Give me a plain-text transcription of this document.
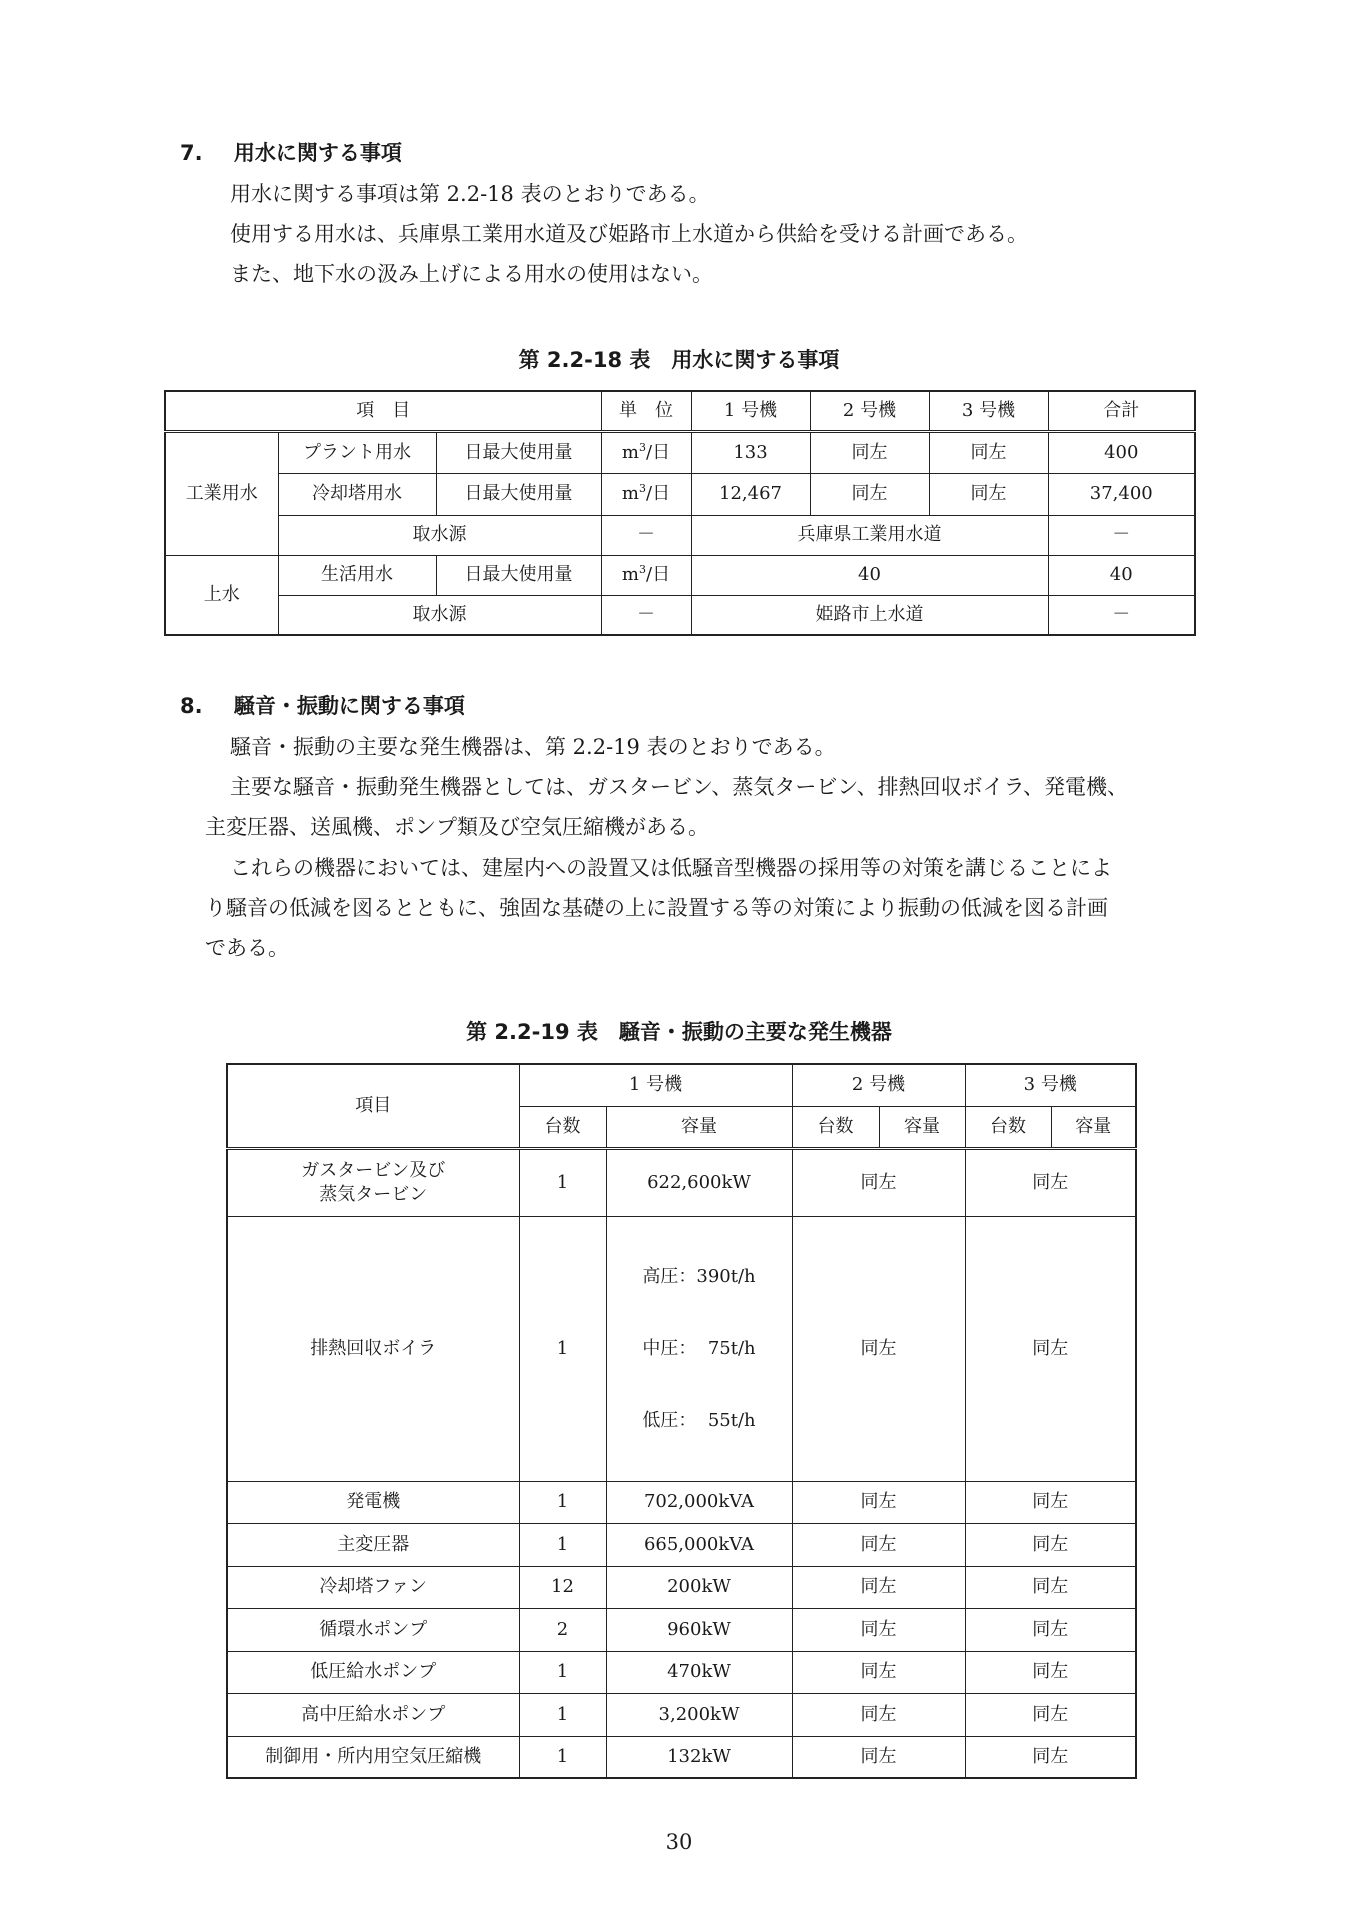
7. 用水に関する事項
用水に関する事項は第 2.2-18 表のとおりである。
使用する用水は、兵庫県工業用水道及び姫路市上水道から供給を受ける計画である。
また、地下水の汲み上げによる用水の使用はない。
第 2.2-18 表　用水に関する事項
項　目			単　位	1 号機	2 号機	3 号機	合計
工業用水	プラント用水	日最大使用量	$m^3/$日	133	同左	同左	400
	冷却塔用水	日最大使用量	$m^3/$日	12,467	同左	同左	37,400
	取水源		－	兵庫県工業用水道			－
上水	生活用水	日最大使用量	$m^3/$日	40			40
	取水源		－	姫路市上水道			－
8. 騒音・振動に関する事項
騒音・振動の主要な発生機器は、第 2.2-19 表のとおりである。
主要な騒音・振動発生機器としては、ガスタービン、蒸気タービン、排熱回収ボイラ、発電機、
主変圧器、送風機、ポンプ類及び空気圧縮機がある。
これらの機器においては、建屋内への設置又は低騒音型機器の採用等の対策を講じることによ
り騒音の低減を図るとともに、強固な基礎の上に設置する等の対策により振動の低減を図る計画
である。
第 2.2-19 表　騒音・振動の主要な発生機器
項目	1 号機		2 号機		3 号機	
	台数	容量	台数	容量	台数	容量

ガスタービン及び
蒸気タービン	1	622,600kW	同左		同左	
排熱回収ボイラ	1	高圧：390t/h

中圧：  75t/h

低圧：  55t/h	同左		同左	
発電機	1	702,000kVA	同左		同左	
主変圧器	1	665,000kVA	同左		同左	
冷却塔ファン	12	200kW	同左		同左	
循環水ポンプ	2	960kW	同左		同左	
低圧給水ポンプ	1	470kW	同左		同左	
高中圧給水ポンプ	1	3,200kW	同左		同左	
制御用・所内用空気圧縮機	1	132kW	同左		同左	
30
